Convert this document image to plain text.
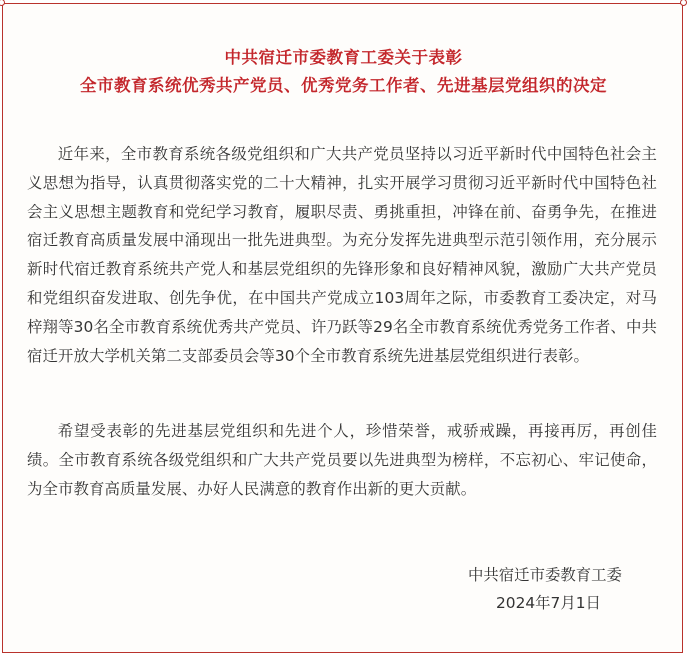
中共宿迁市委教育工委关于表彰
全市教育系统优秀共产党员、优秀党务工作者、先进基层党组织的决定

近年来，全市教育系统各级党组织和广大共产党员坚持以习近平新时代中国特色社会主义思想为指导，认真贯彻落实党的二十大精神，扎实开展学习贯彻习近平新时代中国特色社会主义思想主题教育和党纪学习教育，履职尽责、勇挑重担，冲锋在前、奋勇争先，在推进宿迁教育高质量发展中涌现出一批先进典型。为充分发挥先进典型示范引领作用，充分展示新时代宿迁教育系统共产党人和基层党组织的先锋形象和良好精神风貌，激励广大共产党员和党组织奋发进取、创先争优，在中国共产党成立103周年之际，市委教育工委决定，对马梓翔等30名全市教育系统优秀共产党员、许乃跃等29名全市教育系统优秀党务工作者、中共宿迁开放大学机关第二支部委员会等30个全市教育系统先进基层党组织进行表彰。

希望受表彰的先进基层党组织和先进个人，珍惜荣誉，戒骄戒躁，再接再厉，再创佳绩。全市教育系统各级党组织和广大共产党员要以先进典型为榜样，不忘初心、牢记使命，为全市教育高质量发展、办好人民满意的教育作出新的更大贡献。

中共宿迁市委教育工委
2024年7月1日
